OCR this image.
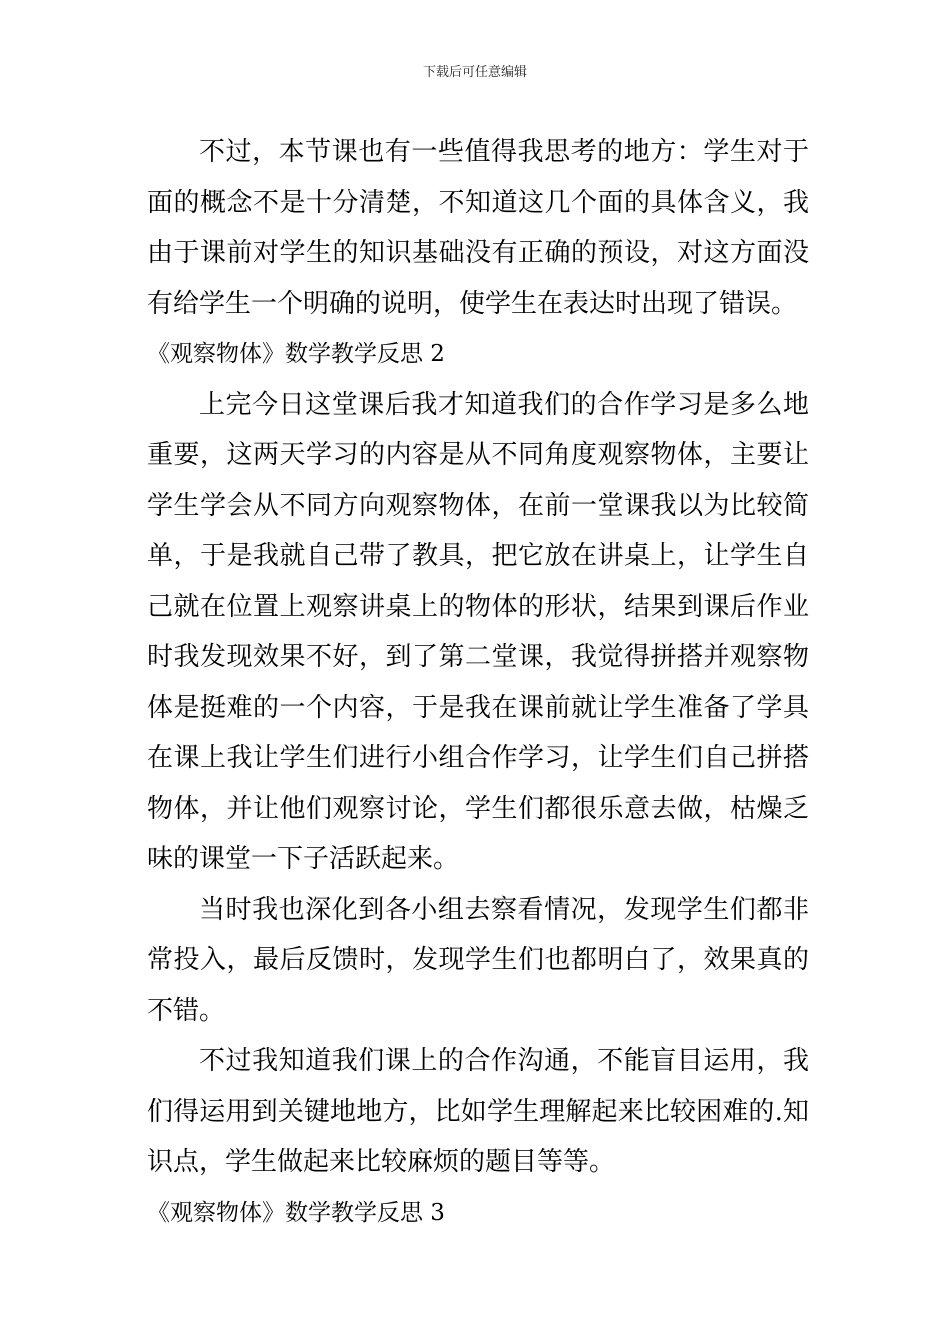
下载后可任意编辑

不过，本节课也有一些值得我思考的地方：学生对于面的概念不是十分清楚，不知道这几个面的具体含义，我由于课前对学生的知识基础没有正确的预设，对这方面没有给学生一个明确的说明，使学生在表达时出现了错误。

《观察物体》数学教学反思 2

上完今日这堂课后我才知道我们的合作学习是多么地重要，这两天学习的内容是从不同角度观察物体，主要让学生学会从不同方向观察物体，在前一堂课我以为比较简单，于是我就自己带了教具，把它放在讲桌上，让学生自己就在位置上观察讲桌上的物体的形状，结果到课后作业时我发现效果不好，到了第二堂课，我觉得拼搭并观察物体是挺难的一个内容，于是我在课前就让学生准备了学具在课上我让学生们进行小组合作学习，让学生们自己拼搭物体，并让他们观察讨论，学生们都很乐意去做，枯燥乏味的课堂一下子活跃起来。

当时我也深化到各小组去察看情况，发现学生们都非常投入，最后反馈时，发现学生们也都明白了，效果真的不错。

不过我知道我们课上的合作沟通，不能盲目运用，我们得运用到关键地地方，比如学生理解起来比较困难的.知识点，学生做起来比较麻烦的题目等等。

《观察物体》数学教学反思 3
